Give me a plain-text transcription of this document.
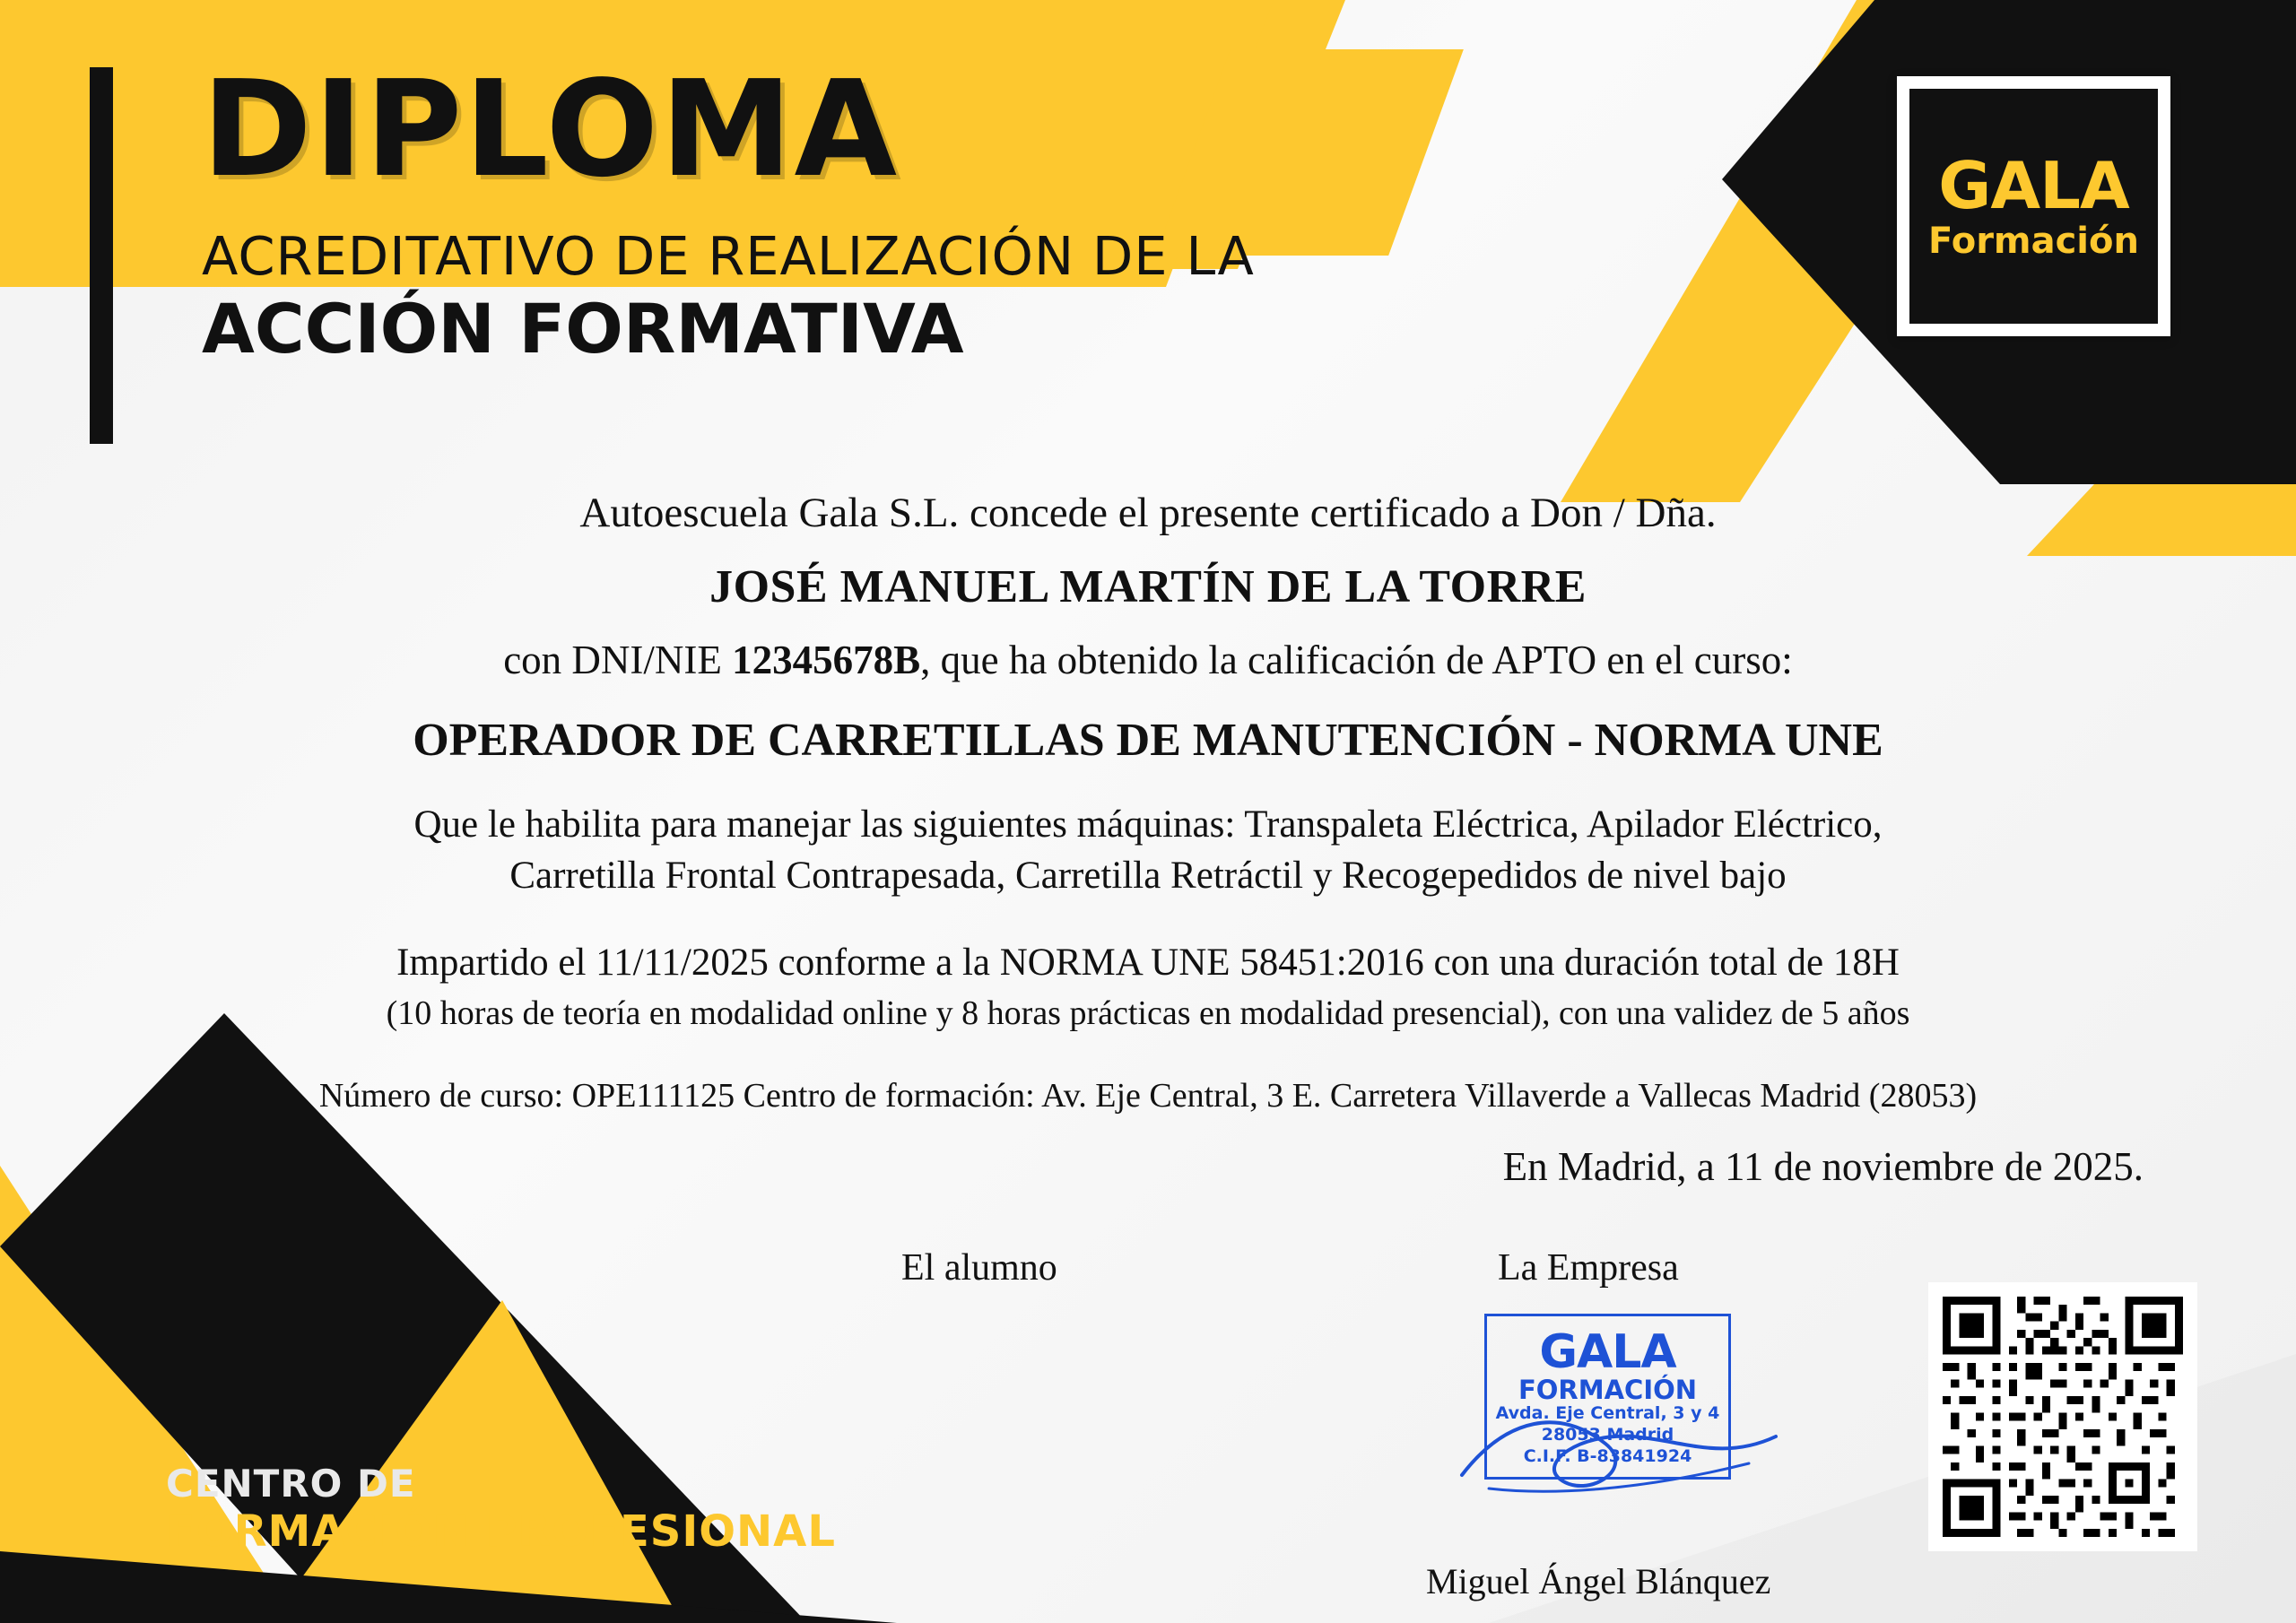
DIPLOMA
ACREDITATIVO DE REALIZACIÓN DE LA
ACCIÓN FORMATIVA
GALA
Formación

Autoescuela Gala S.L. concede el presente certificado a Don / Dña.

JOSÉ MANUEL MARTÍN DE LA TORRE

con DNI/NIE 12345678B, que ha obtenido la calificación de APTO en el curso:

OPERADOR DE CARRETILLAS DE MANUTENCIÓN - NORMA UNE

Que le habilita para manejar las siguientes máquinas: Transpaleta Eléctrica, Apilador Eléctrico,

Carretilla Frontal Contrapesada, Carretilla Retráctil y Recogepedidos de nivel bajo

Impartido el 11/11/2025 conforme a la NORMA UNE 58451:2016 con una duración total de 18H

(10 horas de teoría en modalidad online y 8 horas prácticas en modalidad presencial), con una validez de 5 años

Número de curso: OPE111125 Centro de formación: Av. Eje Central, 3 E. Carretera Villaverde a Vallecas Madrid (28053)

En Madrid, a 11 de noviembre de 2025.
El alumno	La Empresa
Miguel Ángel Blánquez
GALA
FORMACIÓN
Avda. Eje Central, 3 y 4
28053 Madrid
C.I.F. B-83841924
CENTRO DE
FORMACIÓN PROFESIONAL
